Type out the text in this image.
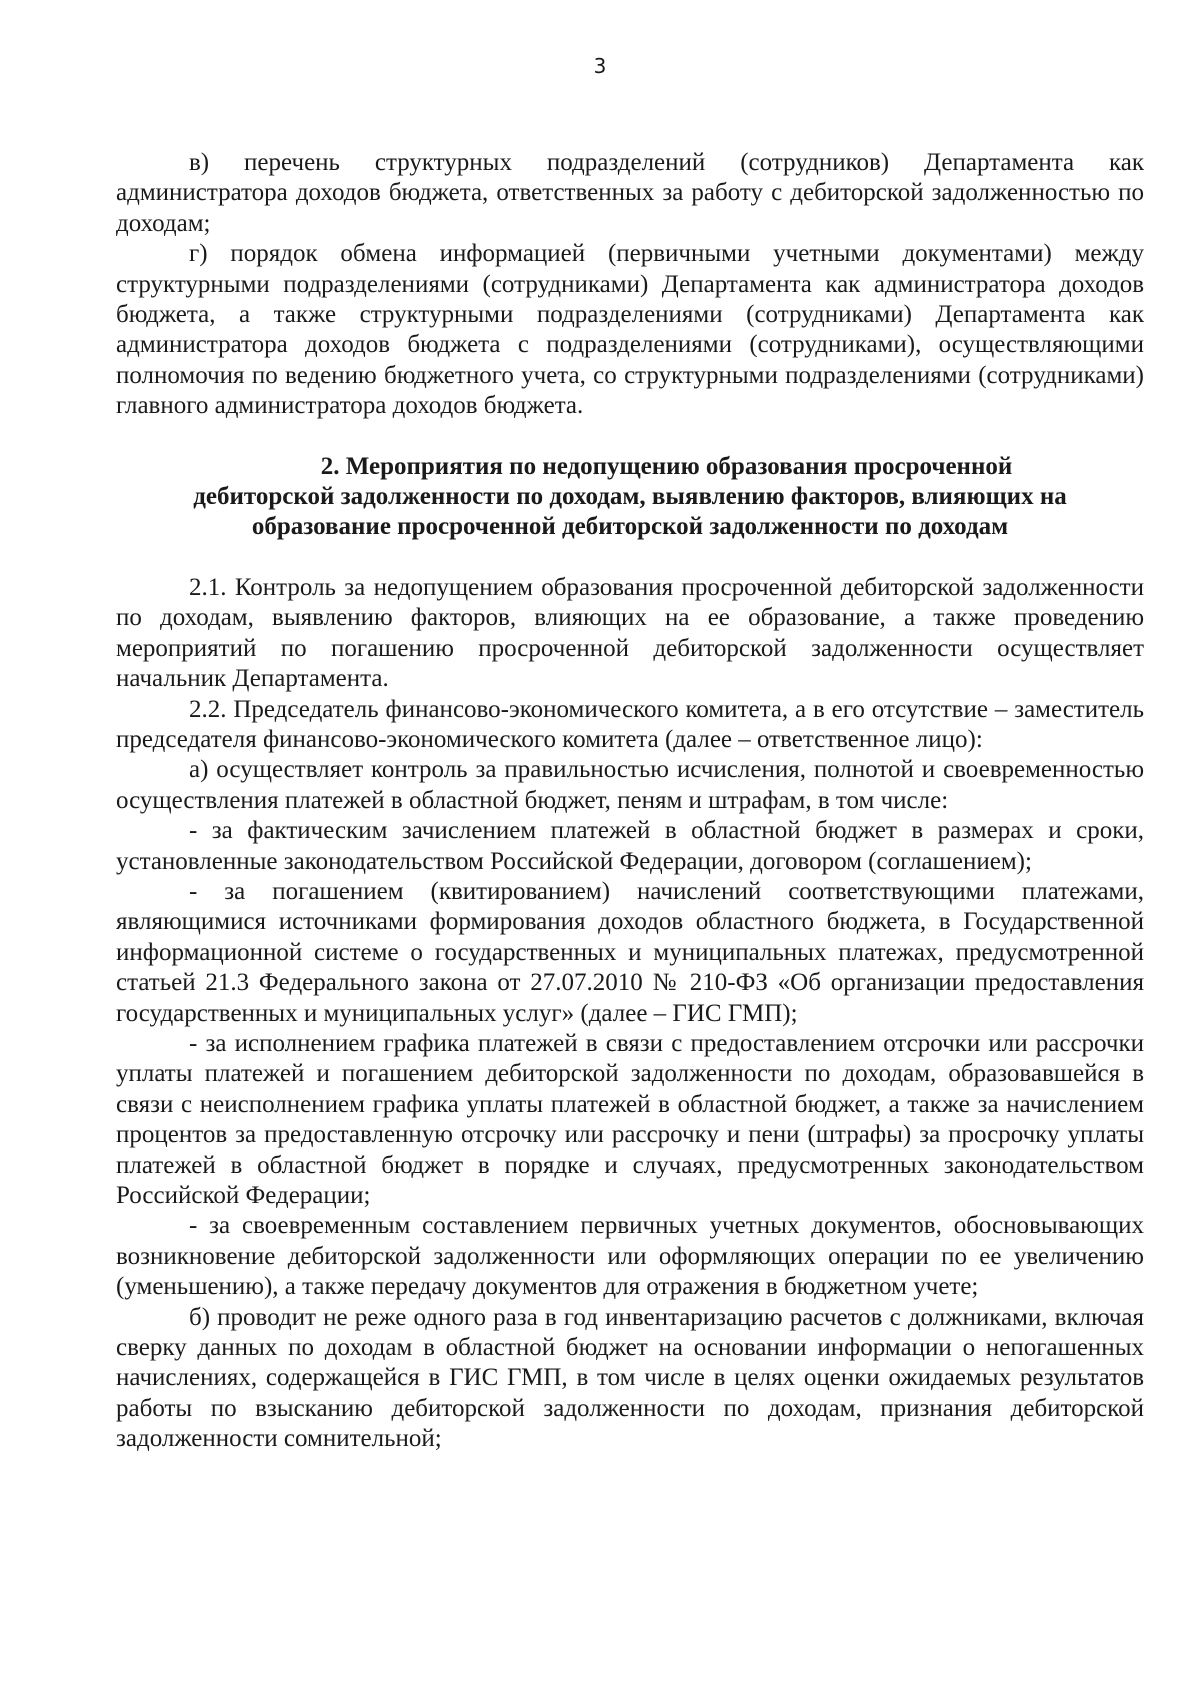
3

в) перечень структурных подразделений (сотрудников) Департамента как администратора доходов бюджета, ответственных за работу с дебиторской задолженностью по доходам;

г) порядок обмена информацией (первичными учетными документами) между структурными подразделениями (сотрудниками) Департамента как администратора доходов бюджета, а также структурными подразделениями (сотрудниками) Департамента как администратора доходов бюджета с подразделениями (сотрудниками), осуществляющими полномочия по ведению бюджетного учета, со структурными подразделениями (сотрудниками) главного администратора доходов бюджета.

2. Мероприятия по недопущению образования просроченной дебиторской задолженности по доходам, выявлению факторов, влияющих на образование просроченной дебиторской задолженности по доходам

2.1. Контроль за недопущением образования просроченной дебиторской задолженности по доходам, выявлению факторов, влияющих на ее образование, а также проведению мероприятий по погашению просроченной дебиторской задолженности осуществляет начальник Департамента.

2.2. Председатель финансово-экономического комитета, а в его отсутствие – заместитель председателя финансово-экономического комитета (далее – ответственное лицо):

а) осуществляет контроль за правильностью исчисления, полнотой и своевременностью осуществления платежей в областной бюджет, пеням и штрафам, в том числе:

- за фактическим зачислением платежей в областной бюджет в размерах и сроки, установленные законодательством Российской Федерации, договором (соглашением);

- за погашением (квитированием) начислений соответствующими платежами, являющимися источниками формирования доходов областного бюджета, в Государственной информационной системе о государственных и муниципальных платежах, предусмотренной статьей 21.3 Федерального закона от 27.07.2010 № 210-ФЗ «Об организации предоставления государственных и муниципальных услуг» (далее – ГИС ГМП);

- за исполнением графика платежей в связи с предоставлением отсрочки или рассрочки уплаты платежей и погашением дебиторской задолженности по доходам, образовавшейся в связи с неисполнением графика уплаты платежей в областной бюджет, а также за начислением процентов за предоставленную отсрочку или рассрочку и пени (штрафы) за просрочку уплаты платежей в областной бюджет в порядке и случаях, предусмотренных законодательством Российской Федерации;

- за своевременным составлением первичных учетных документов, обосновывающих возникновение дебиторской задолженности или оформляющих операции по ее увеличению (уменьшению), а также передачу документов для отражения в бюджетном учете;

б) проводит не реже одного раза в год инвентаризацию расчетов с должниками, включая сверку данных по доходам в областной бюджет на основании информации о непогашенных начислениях, содержащейся в ГИС ГМП, в том числе в целях оценки ожидаемых результатов работы по взысканию дебиторской задолженности по доходам, признания дебиторской задолженности сомнительной;
